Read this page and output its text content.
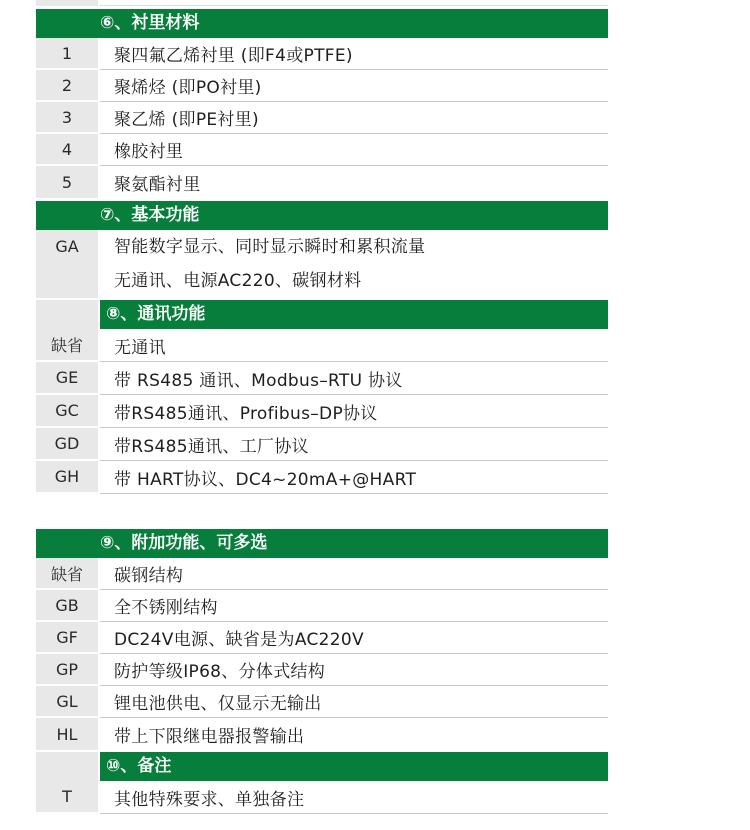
⑥、衬里材料
1	聚四氟乙烯衬里 (即F4或PTFE)
2	聚烯烃 (即PO衬里)
3	聚乙烯 (即PE衬里)
4	橡胶衬里
5	聚氨酯衬里
⑦、基本功能
GA	智能数字显示、同时显示瞬时和累积流量
无通讯、电源AC220、碳钢材料
⑧、通讯功能
缺省	无通讯
GE	带 RS485 通讯、Modbus–RTU 协议
GC	带RS485通讯、Profibus–DP协议
GD	带RS485通讯、工厂协议
GH	带 HART协议、DC4~20mA+@HART
⑨、附加功能、可多选
缺省	碳钢结构
GB	全不锈刚结构
GF	DC24V电源、缺省是为AC220V
GP	防护等级IP68、分体式结构
GL	锂电池供电、仅显示无输出
HL	带上下限继电器报警输出
⑩、备注
T	其他特殊要求、单独备注
